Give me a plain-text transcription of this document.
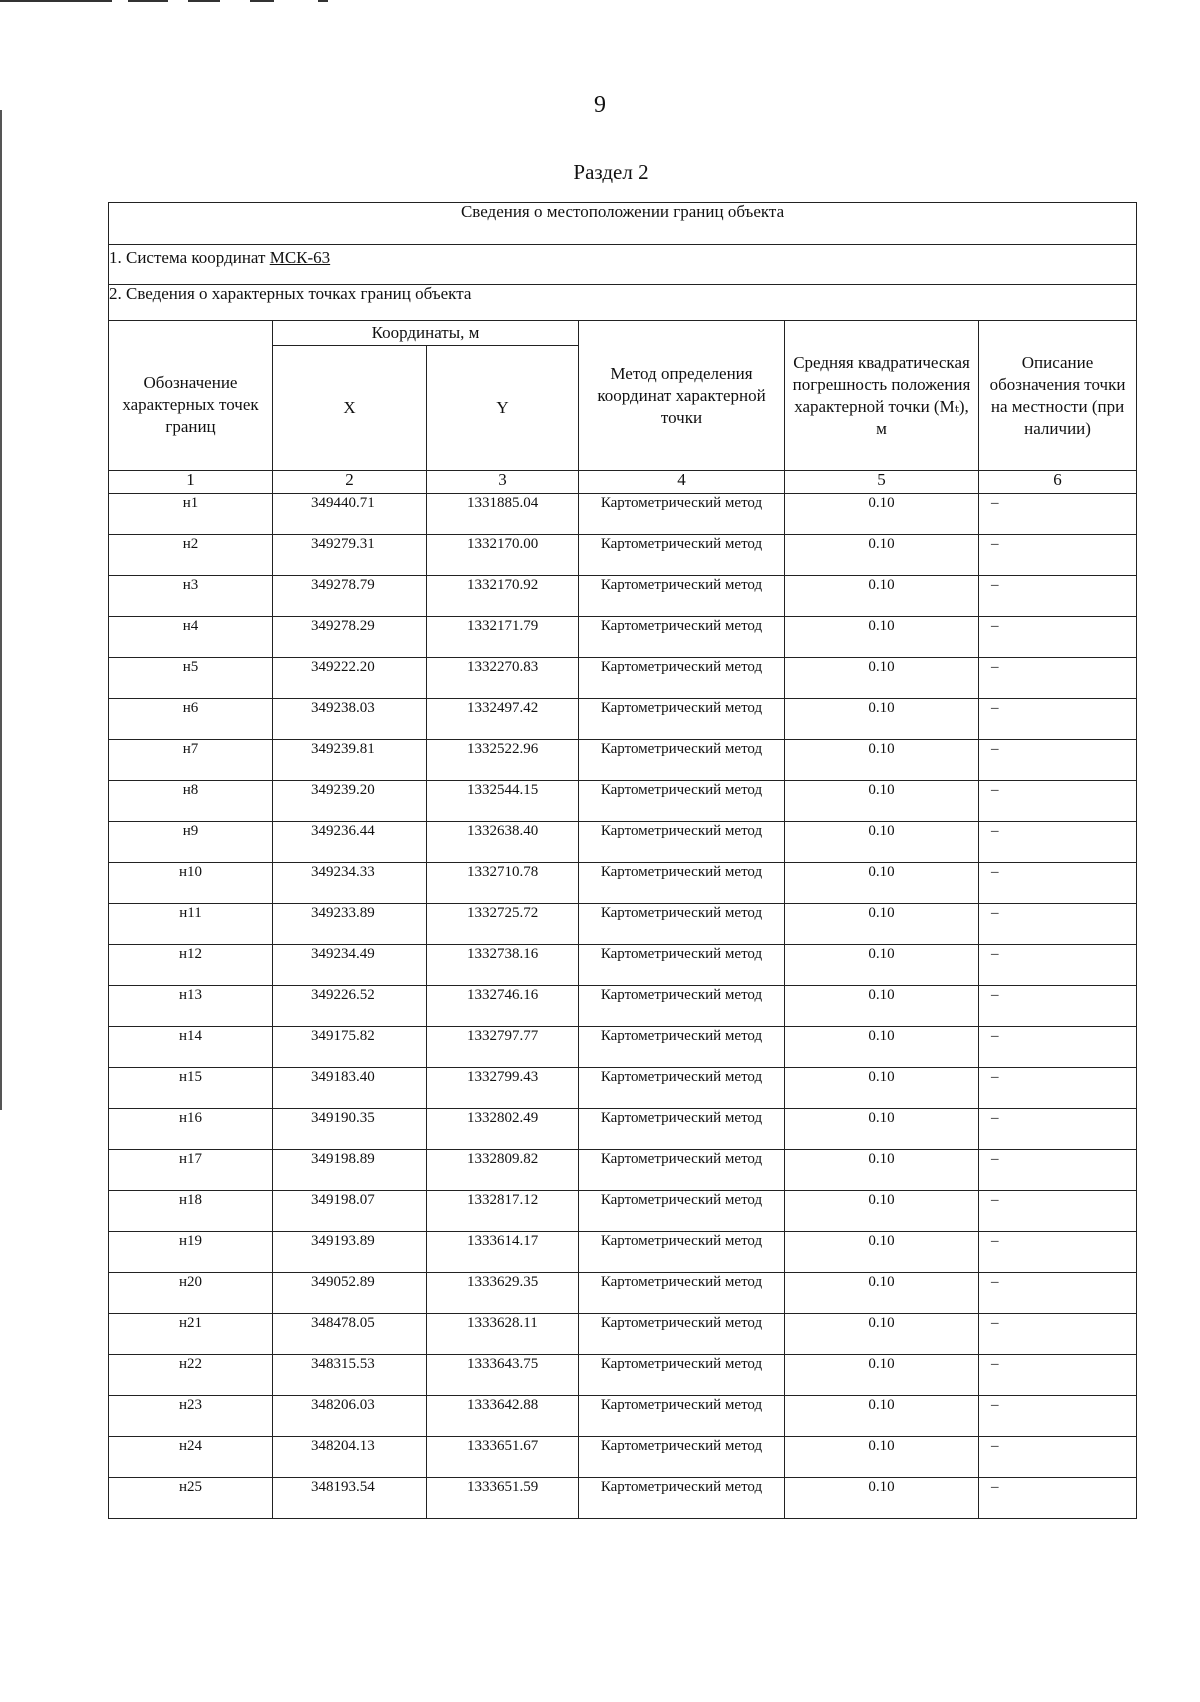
9
Раздел 2
Сведения о местоположении границ объекта					
1. Система координат МСК-63					
2. Сведения о характерных точках границ объекта					
Обозначение характерных точек границ	Координаты, м		Метод определения координат характерной точки	Средняя квадратическая погрешность положения характерной точки (Mₜ), м	Описание обозначения точки на местности (при наличии)
	X	Y			
1	2	3	4	5	6
н1	349440.71	1331885.04	Картометрический метод	0.10	–
н2	349279.31	1332170.00	Картометрический метод	0.10	–
н3	349278.79	1332170.92	Картометрический метод	0.10	–
н4	349278.29	1332171.79	Картометрический метод	0.10	–
н5	349222.20	1332270.83	Картометрический метод	0.10	–
н6	349238.03	1332497.42	Картометрический метод	0.10	–
н7	349239.81	1332522.96	Картометрический метод	0.10	–
н8	349239.20	1332544.15	Картометрический метод	0.10	–
н9	349236.44	1332638.40	Картометрический метод	0.10	–
н10	349234.33	1332710.78	Картометрический метод	0.10	–
н11	349233.89	1332725.72	Картометрический метод	0.10	–
н12	349234.49	1332738.16	Картометрический метод	0.10	–
н13	349226.52	1332746.16	Картометрический метод	0.10	–
н14	349175.82	1332797.77	Картометрический метод	0.10	–
н15	349183.40	1332799.43	Картометрический метод	0.10	–
н16	349190.35	1332802.49	Картометрический метод	0.10	–
н17	349198.89	1332809.82	Картометрический метод	0.10	–
н18	349198.07	1332817.12	Картометрический метод	0.10	–
н19	349193.89	1333614.17	Картометрический метод	0.10	–
н20	349052.89	1333629.35	Картометрический метод	0.10	–
н21	348478.05	1333628.11	Картометрический метод	0.10	–
н22	348315.53	1333643.75	Картометрический метод	0.10	–
н23	348206.03	1333642.88	Картометрический метод	0.10	–
н24	348204.13	1333651.67	Картометрический метод	0.10	–
н25	348193.54	1333651.59	Картометрический метод	0.10	–
